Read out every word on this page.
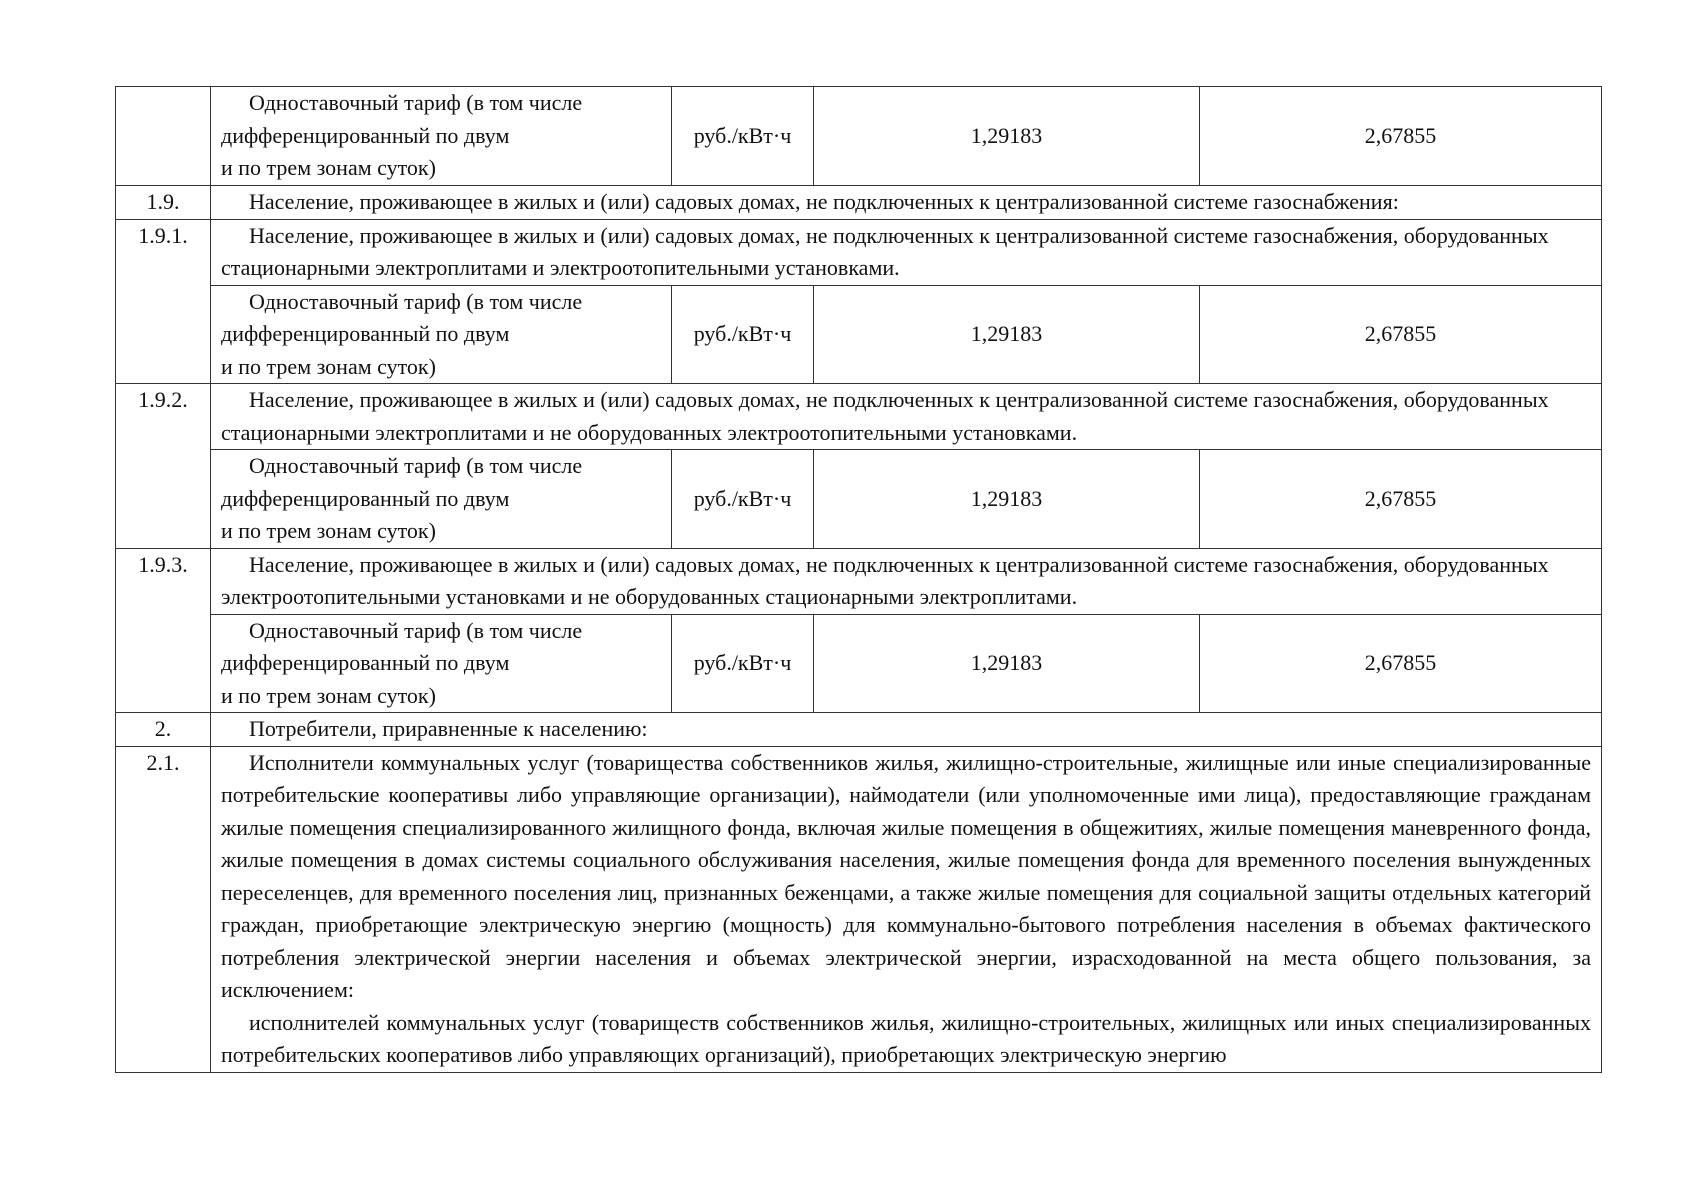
	Одноставочный тариф (в том числе
дифференцированный по двум
и по трем зонам суток)	руб./кВт·ч	1,29183	2,67855
1.9.	Население, проживающее в жилых и (или) садовых домах, не подключенных к централизованной системе газоснабжения:			
1.9.1.	Население, проживающее в жилых и (или) садовых домах, не подключенных к централизованной системе газоснабжения, оборудованных стационарными электроплитами и электроотопительными установками.			

	Одноставочный тариф (в том числе
дифференцированный по двум
и по трем зонам суток)	руб./кВт·ч	1,29183	2,67855
1.9.2.	Население, проживающее в жилых и (или) садовых домах, не подключенных к централизованной системе газоснабжения, оборудованных стационарными электроплитами и не оборудованных электроотопительными установками.			

	Одноставочный тариф (в том числе
дифференцированный по двум
и по трем зонам суток)	руб./кВт·ч	1,29183	2,67855
1.9.3.	Население, проживающее в жилых и (или) садовых домах, не подключенных к централизованной системе газоснабжения, оборудованных электроотопительными установками и не оборудованных стационарными электроплитами.			

	Одноставочный тариф (в том числе
дифференцированный по двум
и по трем зонам суток)	руб./кВт·ч	1,29183	2,67855
2.	Потребители, приравненные к населению:			
2.1.	Исполнители коммунальных услуг (товарищества собственников жилья, жилищно-строительные, жилищные или иные специализированные потребительские кооперативы либо управляющие организации), наймодатели (или уполномоченные ими лица), предоставляющие гражданам жилые помещения специализированного жилищного фонда, включая жилые помещения в общежитиях, жилые помещения маневренного фонда, жилые помещения в домах системы социального обслуживания населения, жилые помещения фонда для временного поселения вынужденных переселенцев, для временного поселения лиц, признанных беженцами, а также жилые помещения для социальной защиты отдельных категорий граждан, приобретающие электрическую энергию (мощность) для коммунально-бытового потребления населения в объемах фактического потребления электрической энергии населения и объемах электрической энергии, израсходованной на места общего пользования, за исключением:

исполнителей коммунальных услуг (товариществ собственников жилья, жилищно-строительных, жилищных или иных специализированных потребительских кооперативов либо управляющих организаций), приобретающих электрическую энергию			
